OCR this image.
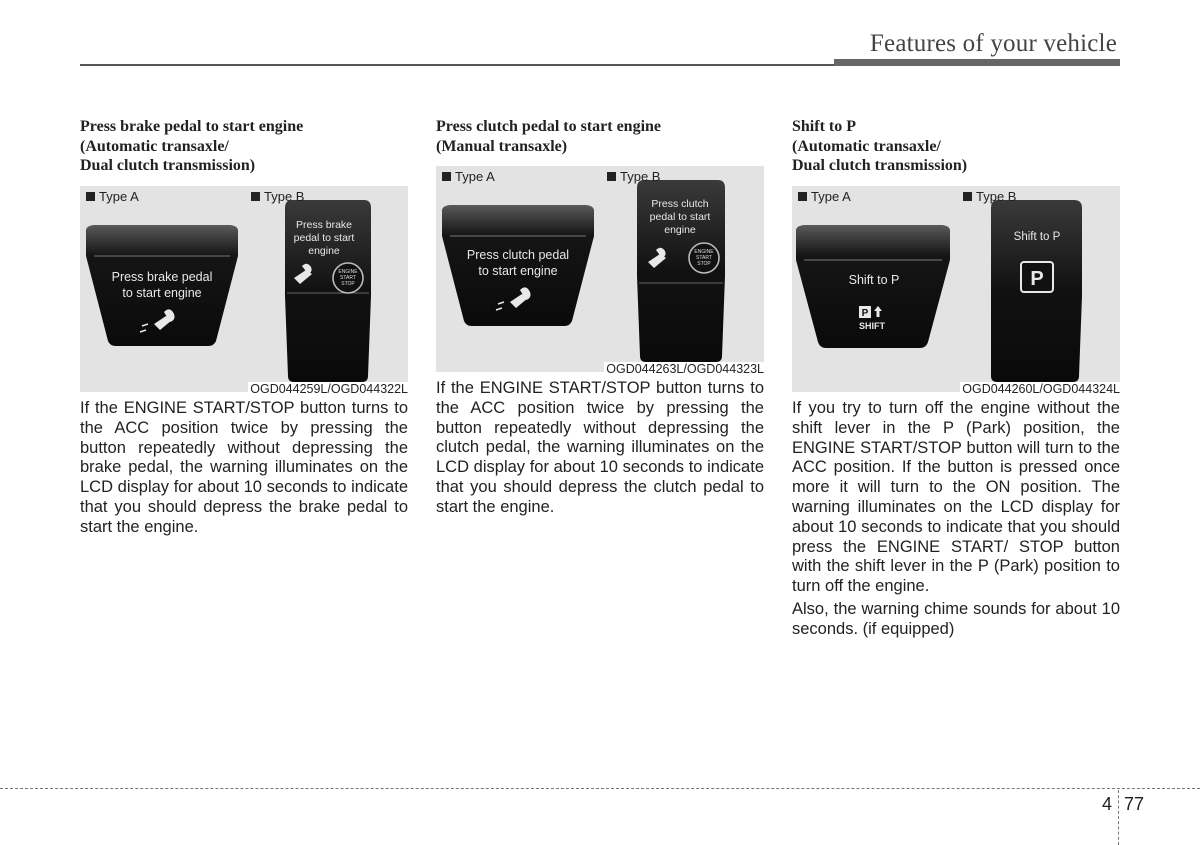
Features of your vehicle
Press brake pedal to start engine
(Automatic transaxle/
Dual clutch transmission)
Press brake pedal
to start engine
Press brake
pedal to start
engine
ENGINE
START
STOP
Type A	Type B
OGD044259L/OGD044322L

If the ENGINE START/STOP button turns to the ACC position twice by pressing the button repeatedly without depressing the brake pedal, the warning illuminates on the LCD display for about 10 seconds to indicate that you should depress the brake pedal to start the engine.

Press clutch pedal to start engine
(Manual transaxle)
Press clutch pedal
to start engine
Press clutch
pedal to start
engine
ENGINE
START
STOP
Type A	Type B
OGD044263L/OGD044323L

If the ENGINE START/STOP button turns to the ACC position twice by pressing the button repeatedly without depressing the clutch pedal, the warning illuminates on the LCD display for about 10 seconds to indicate that you should depress the clutch pedal to start the engine.

Shift to P
(Automatic transaxle/
Dual clutch transmission)
Shift to P
P
SHIFT
Shift to P
P
Type A	Type B
OGD044260L/OGD044324L

If you try to turn off the engine without the shift lever in the P (Park) position, the ENGINE START/STOP button will turn to the ACC position. If the button is pressed once more it will turn to the ON position. The warning illuminates on the LCD display for about 10 seconds to indicate that you should press the ENGINE START/ STOP button with the shift lever in the P (Park) position to turn off the engine.

Also, the warning chime sounds for about 10 seconds. (if equipped)

4 77
